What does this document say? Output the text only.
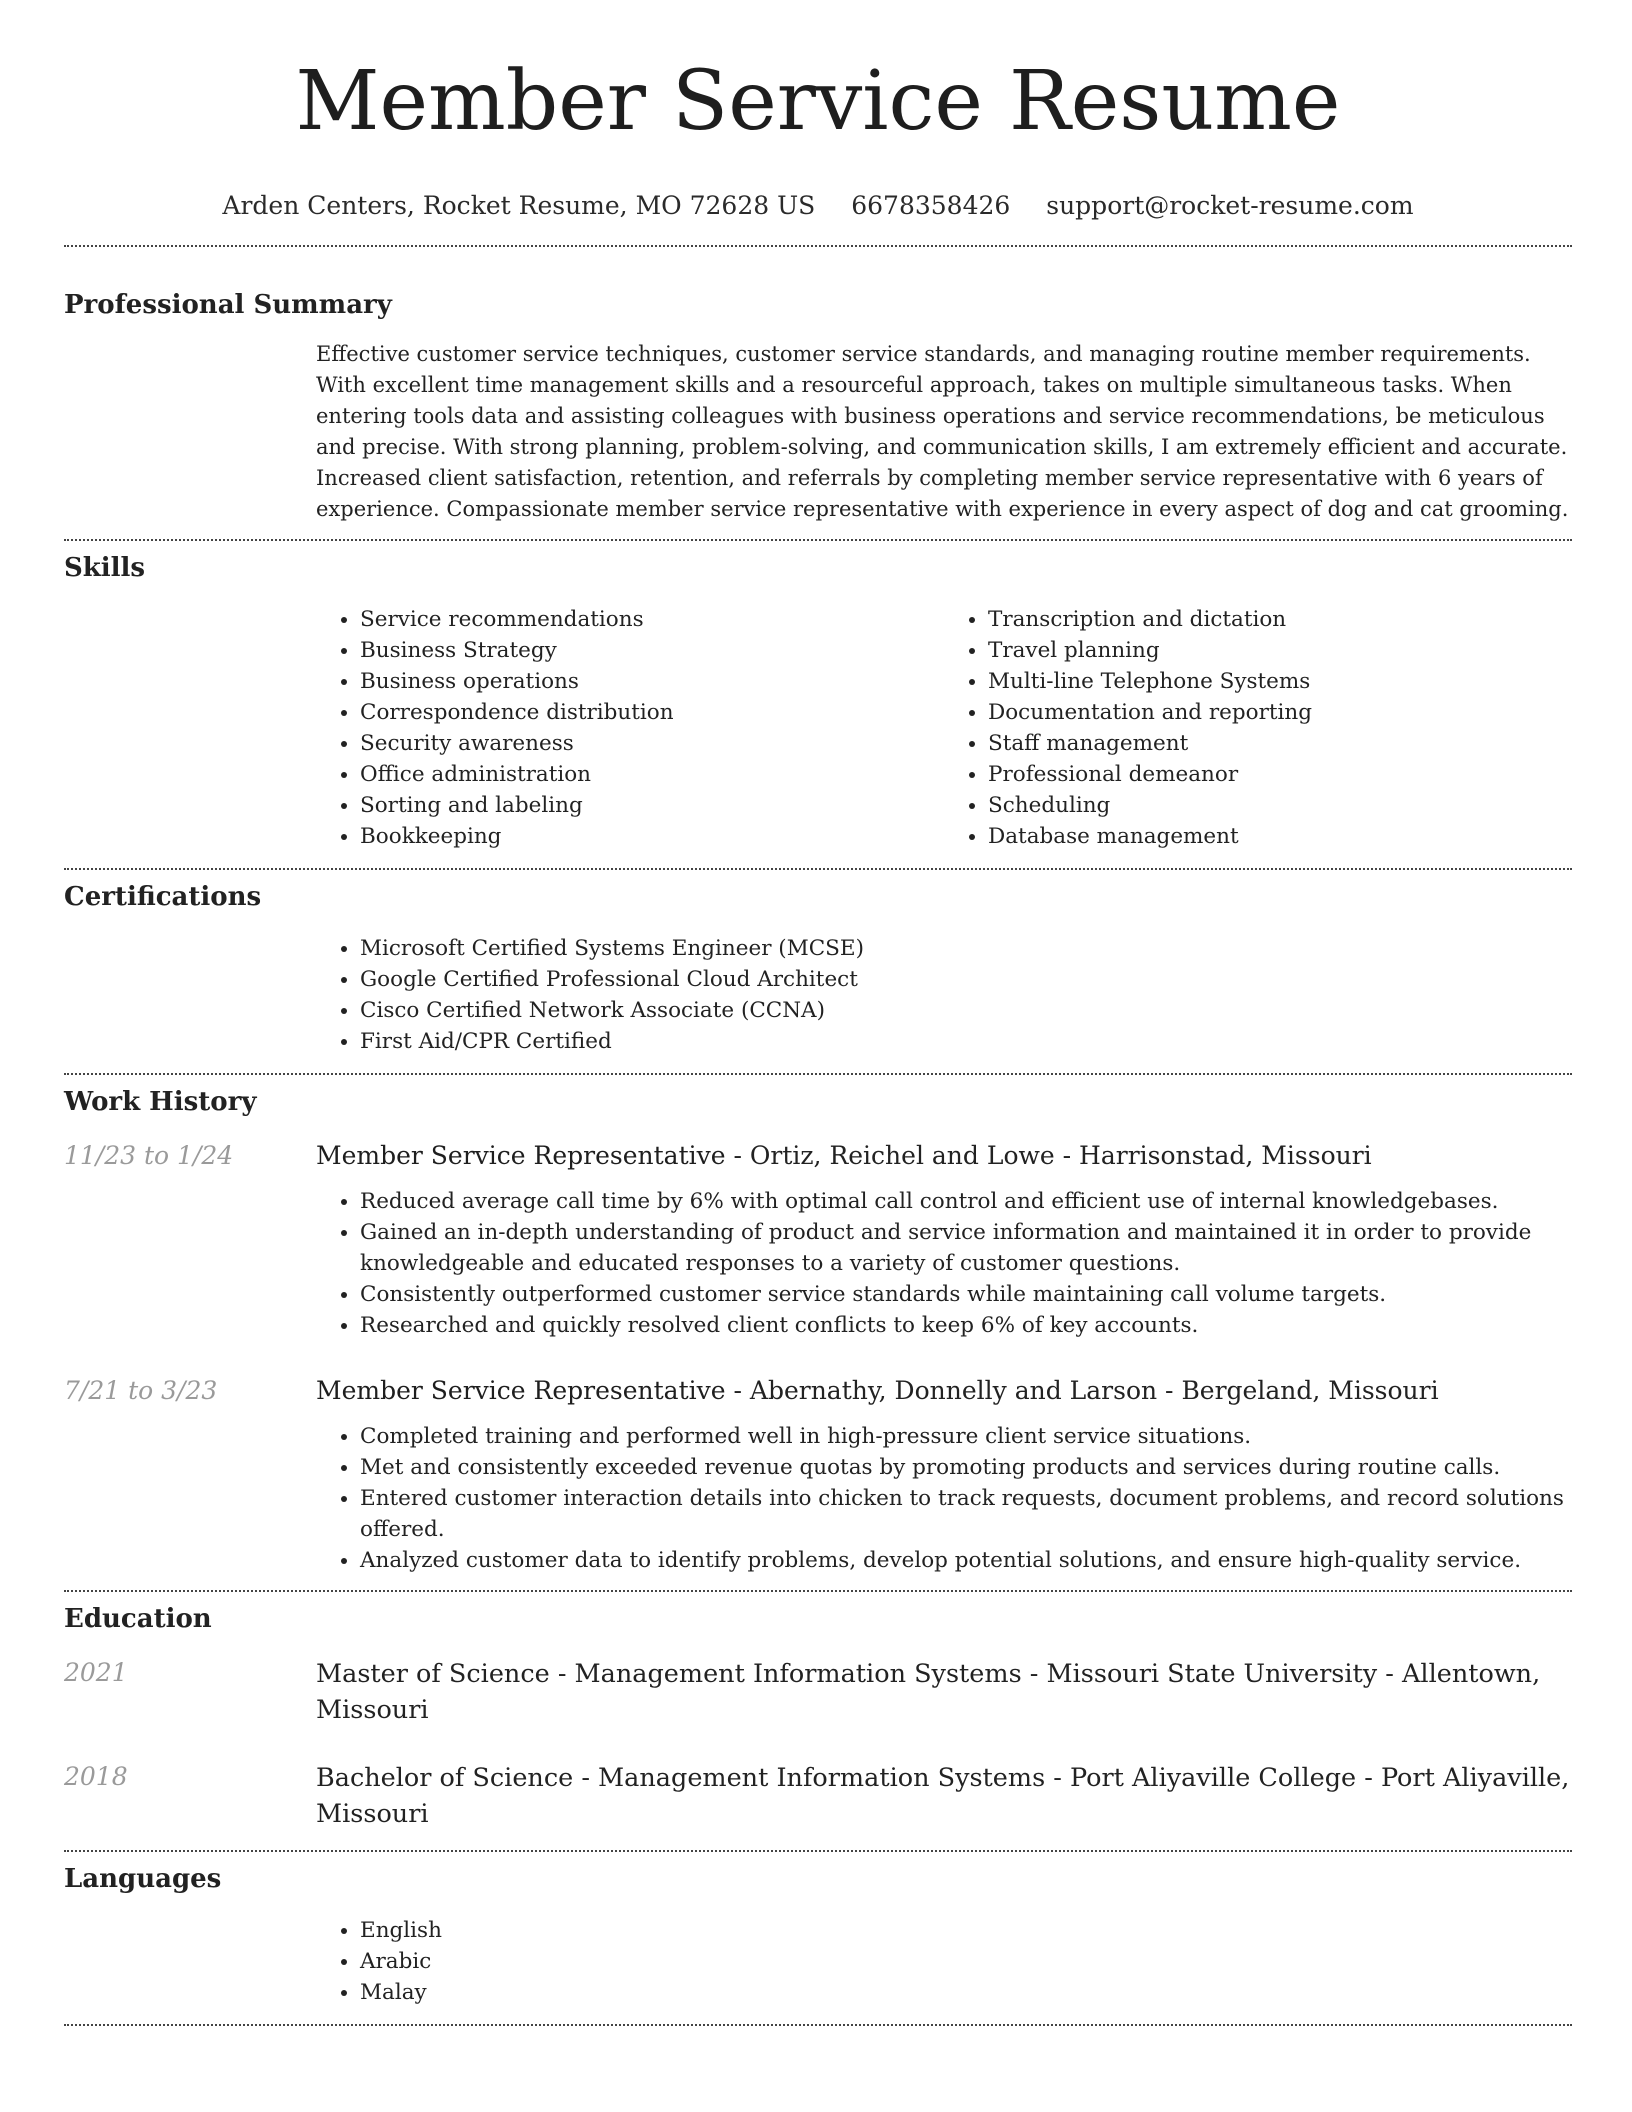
Member Service Resume
Arden Centers, Rocket Resume, MO 72628 US 6678358426 support@rocket-resume.com
Professional Summary

Effective customer service techniques, customer service standards, and managing routine member requirements. With excellent time management skills and a resourceful approach, takes on multiple simultaneous tasks. When entering tools data and assisting colleagues with business operations and service recommendations, be meticulous and precise. With strong planning, problem-solving, and communication skills, I am extremely efficient and accurate. Increased client satisfaction, retention, and referrals by completing member service representative with 6 years of experience. Compassionate member service representative with experience in every aspect of dog and cat grooming.

Skills
• Service recommendations
• Business Strategy
• Business operations
• Correspondence distribution
• Security awareness
• Office administration
• Sorting and labeling
• Bookkeeping
• Transcription and dictation
• Travel planning
• Multi-line Telephone Systems
• Documentation and reporting
• Staff management
• Professional demeanor
• Scheduling
• Database management
Certifications
• Microsoft Certified Systems Engineer (MCSE)
• Google Certified Professional Cloud Architect
• Cisco Certified Network Associate (CCNA)
• First Aid/CPR Certified
Work History
11/23 to 1/24	Member Service Representative - Ortiz, Reichel and Lowe - Harrisonstad, Missouri
• Reduced average call time by 6% with optimal call control and efficient use of internal knowledgebases.
• Gained an in-depth understanding of product and service information and maintained it in order to provide knowledgeable and educated responses to a variety of customer questions.
• Consistently outperformed customer service standards while maintaining call volume targets.
• Researched and quickly resolved client conflicts to keep 6% of key accounts.
7/21 to 3/23	Member Service Representative - Abernathy, Donnelly and Larson - Bergeland, Missouri
• Completed training and performed well in high-pressure client service situations.
• Met and consistently exceeded revenue quotas by promoting products and services during routine calls.
• Entered customer interaction details into chicken to track requests, document problems, and record solutions offered.
• Analyzed customer data to identify problems, develop potential solutions, and ensure high-quality service.
Education
2021	Master of Science - Management Information Systems - Missouri State University - Allentown, Missouri
2018	Bachelor of Science - Management Information Systems - Port Aliyaville College - Port Aliyaville, Missouri
Languages
• English
• Arabic
• Malay
